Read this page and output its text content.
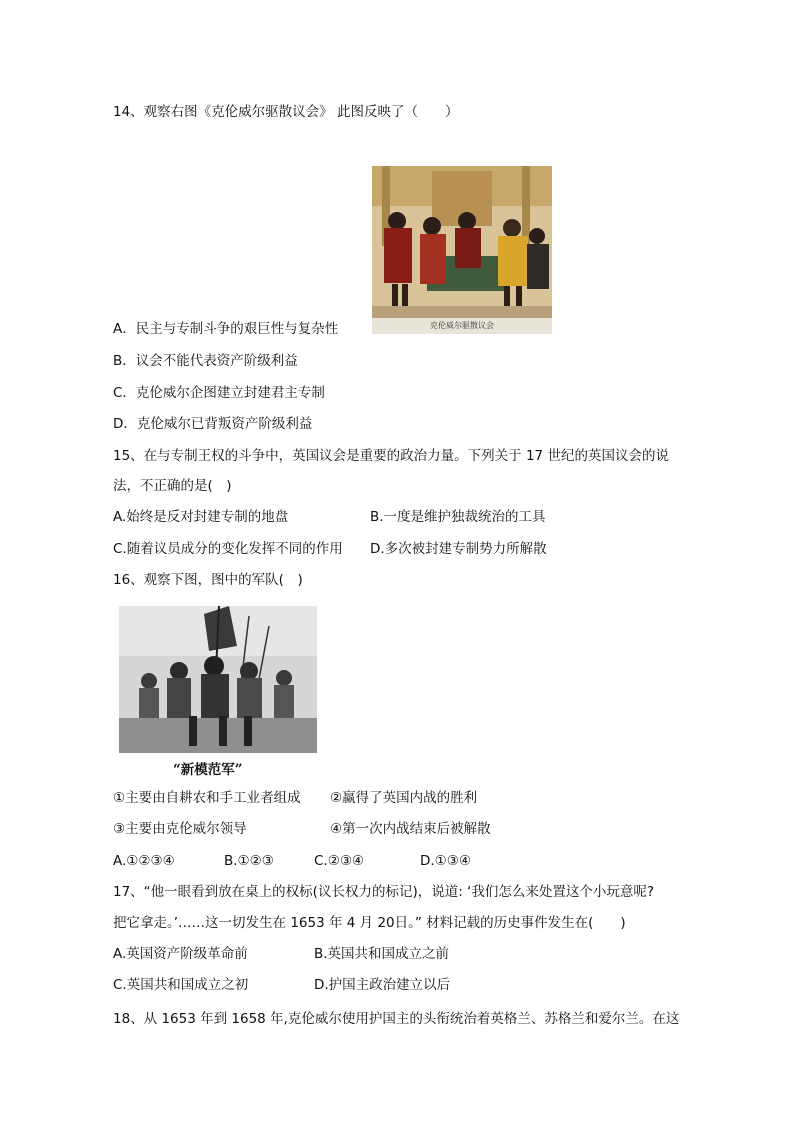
14、观察右图《克伦威尔驱散议会》 此图反映了（　　）
克伦威尔驱散议会
A．民主与专制斗争的艰巨性与复杂性
B．议会不能代表资产阶级利益
C．克伦威尔企图建立封建君主专制
D．克伦威尔已背叛资产阶级利益
15、在与专制王权的斗争中，英国议会是重要的政治力量。下列关于 17 世纪的英国议会的说
法，不正确的是(　)
A.始终是反对封建专制的地盘	B.一度是维护独裁统治的工具
C.随着议员成分的变化发挥不同的作用 D.多次被封建专制势力所解散
16、观察下图，图中的军队(　)
“新模范军”
①主要由自耕农和手工业者组成 ②赢得了英国内战的胜利
③主要由克伦威尔领导	④第一次内战结束后被解散
A.①②③④	B.①②③	C.②③④	D.①③④
17、“他一眼看到放在桌上的权标(议长权力的标记)，说道: ‘我们怎么来处置这个小玩意呢?
把它拿走。’……这一切发生在 1653 年 4 月 20日。” 材料记载的历史事件发生在(　　)
A.英国资产阶级革命前	B.英国共和国成立之前
C.英国共和国成立之初	D.护国主政治建立以后
18、从 1653 年到 1658 年,克伦威尔使用护国主的头衔统治着英格兰、苏格兰和爱尔兰。在这
